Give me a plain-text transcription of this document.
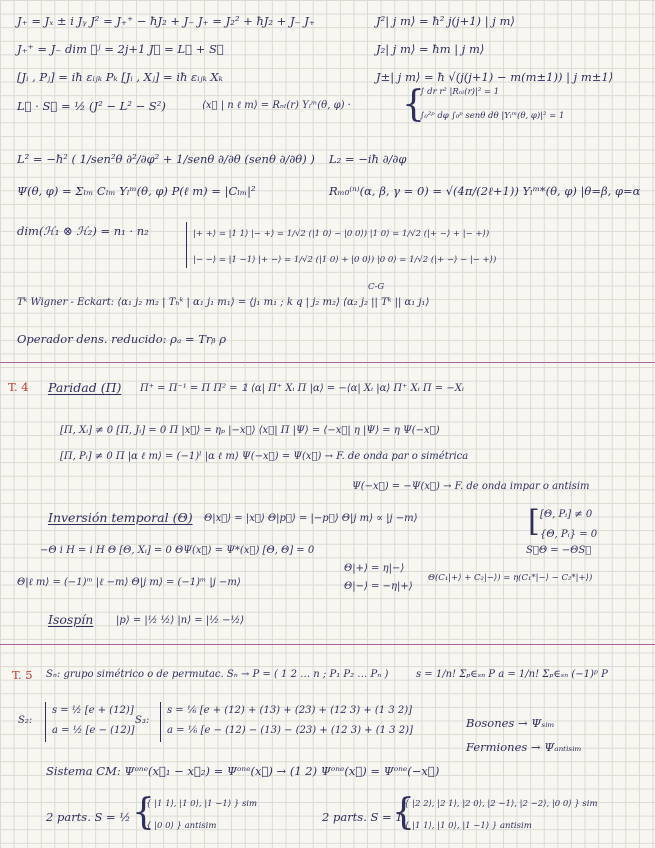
J₊ = Jₓ ± i Jᵧ J² = J₊⁺ − ħJ₂ + J₋ J₊ = J₂² + ħJ₂ + J₋ J₊	J²| j m⟩ = ħ² j(j+1) | j m⟩
J₊⁺ = J₋ dim ℋʲ = 2j+1 J⃗ = L⃗ + S⃗	J₂| j m⟩ = ħm | j m⟩
[Jᵢ , Pⱼ] = iħ εᵢⱼₖ Pₖ [Jᵢ , Xⱼ] = iħ εᵢⱼₖ Xₖ	J±| j m⟩ = ħ √(j(j+1) − m(m±1)) | j m±1⟩
L⃗ · S⃗ = ½ (J² − L² − S²)	⟨x⃗ | n ℓ m⟩ = Rₙₗ(r) Yₗᵐ(θ, φ) · {
∫ dr r² |Rₙₗ(r)|² = 1
∫₀²ᵖ dφ ∫₀ᵖ senθ dθ |Yₗᵐ(θ, φ)|² = 1
L² = −ħ² ( 1/sen²θ ∂²/∂φ² + 1/senθ ∂/∂θ (senθ ∂/∂θ) ) L₂ = −iħ ∂/∂φ
Ψ(θ, φ) = Σₗₘ Cₗₘ Yₗᵐ(θ, φ) P(ℓ m) = |Cₗₘ|²	Rₘ₀⁽ⁿ⁾(α, β, γ = 0) = √(4π/(2ℓ+1)) Yₗᵐ*(θ, φ) |θ=β, φ=α
dim(ℋ₁ ⊗ ℋ₂) = n₁ · n₂	|+ +⟩ = |1 1⟩ |− +⟩ = 1/√2 (|1 0⟩ − |0 0⟩) |1 0⟩ = 1/√2 (|+ −⟩ + |− +⟩)
|− −⟩ = |1 −1⟩ |+ −⟩ = 1/√2 (|1 0⟩ + |0 0⟩) |0 0⟩ = 1/√2 (|+ −⟩ − |− +⟩)
C-G
Tᵏ Wigner - Eckart: ⟨α₁ j₂ m₂ | Tₕᵏ | α₁ j₁ m₁⟩ = ⟨j₁ m₁ ; k q | j₂ m₂⟩ ⟨α₂ j₂ || Tᵏ || α₁ j₁⟩
Operador dens. reducido: ρₐ = Trᵦ ρ
T. 4 Paridad (Π) Π⁺ = Π⁻¹ = Π Π² = 𝟙 ⟨α| Π⁺ Xᵢ Π |α⟩ = −⟨α| Xᵢ |α⟩ Π⁺ Xᵢ Π = −Xᵢ
[Π, Xᵢ] ≠ 0 [Π, Jᵢ] = 0 Π |x⃗⟩ = ηₚ |−x⃗⟩ ⟨x⃗| Π |Ψ⟩ = ⟨−x⃗| η |Ψ⟩ = η Ψ(−x⃗)
[Π, Pᵢ] ≠ 0 Π |α ℓ m⟩ = (−1)ˡ |α ℓ m⟩ Ψ(−x⃗) = Ψ(x⃗) → F. de onda par o simétrica
Ψ(−x⃗) = −Ψ(x⃗) → F. de onda impar o antisim
Inversión temporal (Θ) Θ|x⃗⟩ = |x⃗⟩ Θ|p⃗⟩ = |−p⃗⟩ Θ|j m⟩ ∝ |j −m⟩	[ [Θ, Pᵢ] ≠ 0
{Θ, Pᵢ} = 0
−Θ i H = i H Θ [Θ, Xᵢ] = 0 ΘΨ(x⃗) = Ψ*(x⃗) [Θ, Θ] = 0	S⃗Θ = −ΘS⃗
Θ|+⟩ = η|−⟩
Θ|ℓ m⟩ = (−1)ᵐ |ℓ −m⟩ Θ|j m⟩ = (−1)ᵐ |j −m⟩	Θ|−⟩ = −η|+⟩
Θ(C₁|+⟩ + C₂|−⟩) = η(C₁*|−⟩ − C₂*|+⟩)
Isospín |p⟩ = |½ ½⟩ |n⟩ = |½ −½⟩
T. 5 Sₙ: grupo simétrico o de permutac. Sₙ → P = ( 1 2 … n ; P₁ P₂ … Pₙ )	s = 1/n! Σₚ∈ₛₙ P a = 1/n! Σₚ∈ₛₙ (−1)ᵖ P
S₂:
s = ½ [e + (12)]
a = ½ [e − (12)]
S₃:
s = ⅙ [e + (12) + (13) + (23) + (12 3) + (1 3 2)]
a = ⅙ [e − (12) − (13) − (23) + (12 3) + (1 3 2)]
Bosones → Ψₛᵢₘ
Fermiones → Ψₐₙₜᵢₛᵢₘ
Sistema CM: Ψᵒⁿᵉ(x⃗₁ − x⃗₂) = Ψᵒⁿᵉ(x⃗) → (1 2) Ψᵒⁿᵉ(x⃗) = Ψᵒⁿᵉ(−x⃗)
2 parts. S = ½ {
{ |1 1⟩, |1 0⟩, |1 −1⟩ } sim
{ |0 0⟩ } antisim
2 parts. S = 1
{
{ |2 2⟩, |2 1⟩, |2 0⟩, |2 −1⟩, |2 −2⟩, |0 0⟩ } sim
{ |1 1⟩, |1 0⟩, |1 −1⟩ } antisim
